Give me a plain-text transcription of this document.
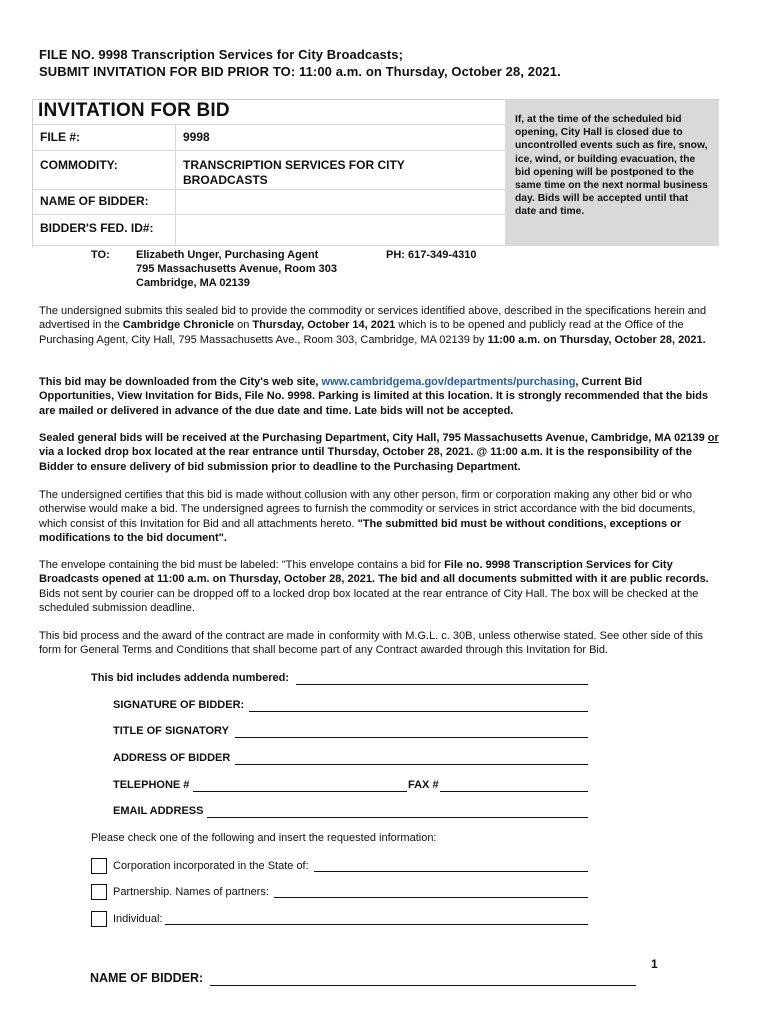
FILE NO. 9998 Transcription Services for City Broadcasts;
SUBMIT INVITATION FOR BID PRIOR TO: 11:00 a.m. on Thursday, October 28, 2021.
INVITATION FOR BID
FILE #:	9998
COMMODITY:	TRANSCRIPTION SERVICES FOR CITY
BROADCASTS
NAME OF BIDDER:
BIDDER'S FED. ID#:
If, at the time of the scheduled bid opening, City Hall is closed due to uncontrolled events such as fire, snow, ice, wind, or building evacuation, the bid opening will be postponed to the same time on the next normal business day. Bids will be accepted until that date and time.
TO: Elizabeth Unger, Purchasing Agent
795 Massachusetts Avenue, Room 303
Cambridge, MA 02139
PH: 617-349-4310
The undersigned submits this sealed bid to provide the commodity or services identified above, described in the specifications herein and advertised in the Cambridge Chronicle on Thursday, October 14, 2021 which is to be opened and publicly read at the Office of the Purchasing Agent, City Hall, 795 Massachusetts Ave., Room 303, Cambridge, MA 02139 by 11:00 a.m. on Thursday, October 28, 2021.
This bid may be downloaded from the City's web site, www.cambridgema.gov/departments/purchasing, Current Bid Opportunities, View Invitation for Bids, File No. 9998. Parking is limited at this location. It is strongly recommended that the bids are mailed or delivered in advance of the due date and time. Late bids will not be accepted.
Sealed general bids will be received at the Purchasing Department, City Hall, 795 Massachusetts Avenue, Cambridge, MA 02139 or via a locked drop box located at the rear entrance until Thursday, October 28, 2021. @ 11:00 a.m. It is the responsibility of the Bidder to ensure delivery of bid submission prior to deadline to the Purchasing Department.
The undersigned certifies that this bid is made without collusion with any other person, firm or corporation making any other bid or who otherwise would make a bid. The undersigned agrees to furnish the commodity or services in strict accordance with the bid documents, which consist of this Invitation for Bid and all attachments hereto. "The submitted bid must be without conditions, exceptions or modifications to the bid document".
The envelope containing the bid must be labeled: "This envelope contains a bid for File no. 9998 Transcription Services for City Broadcasts opened at 11:00 a.m. on Thursday, October 28, 2021. The bid and all documents submitted with it are public records. Bids not sent by courier can be dropped off to a locked drop box located at the rear entrance of City Hall. The box will be checked at the scheduled submission deadline.
This bid process and the award of the contract are made in conformity with M.G.L. c. 30B, unless otherwise stated. See other side of this form for General Terms and Conditions that shall become part of any Contract awarded through this Invitation for Bid.
This bid includes addenda numbered:
SIGNATURE OF BIDDER:
TITLE OF SIGNATORY
ADDRESS OF BIDDER
TELEPHONE #	FAX #
EMAIL ADDRESS
Please check one of the following and insert the requested information:
Corporation incorporated in the State of:
Partnership. Names of partners:
Individual:
1
NAME OF BIDDER:
